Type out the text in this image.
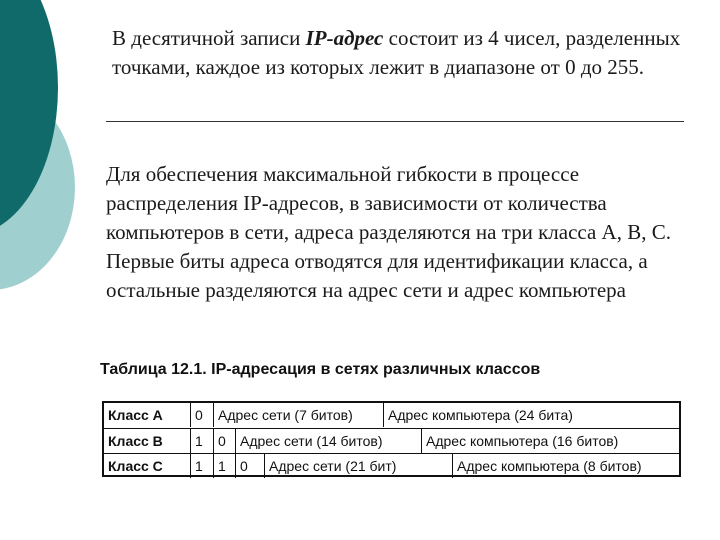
В десятичной записи IP-адрес состоит из 4 чисел, разделенных точками, каждое из которых лежит в диапазоне от 0 до 255.
Для обеспечения максимальной гибкости в процессе распределения IP-адресов, в зависимости от количества компьютеров в сети, адреса разделяются на три класса A, B, C. Первые биты адреса отводятся для идентификации класса, а остальные разделяются на адрес сети и адрес компьютера
Таблица 12.1. IP-адресация в сетях различных классов
Класс А	0	Адрес сети (7 битов)	Адрес компьютера (24 бита)
Класс В	1	0	Адрес сети (14 битов)	Адрес компьютера (16 битов)
Класс С	1	1	0	Адрес сети (21 бит)	Адрес компьютера (8 битов)
